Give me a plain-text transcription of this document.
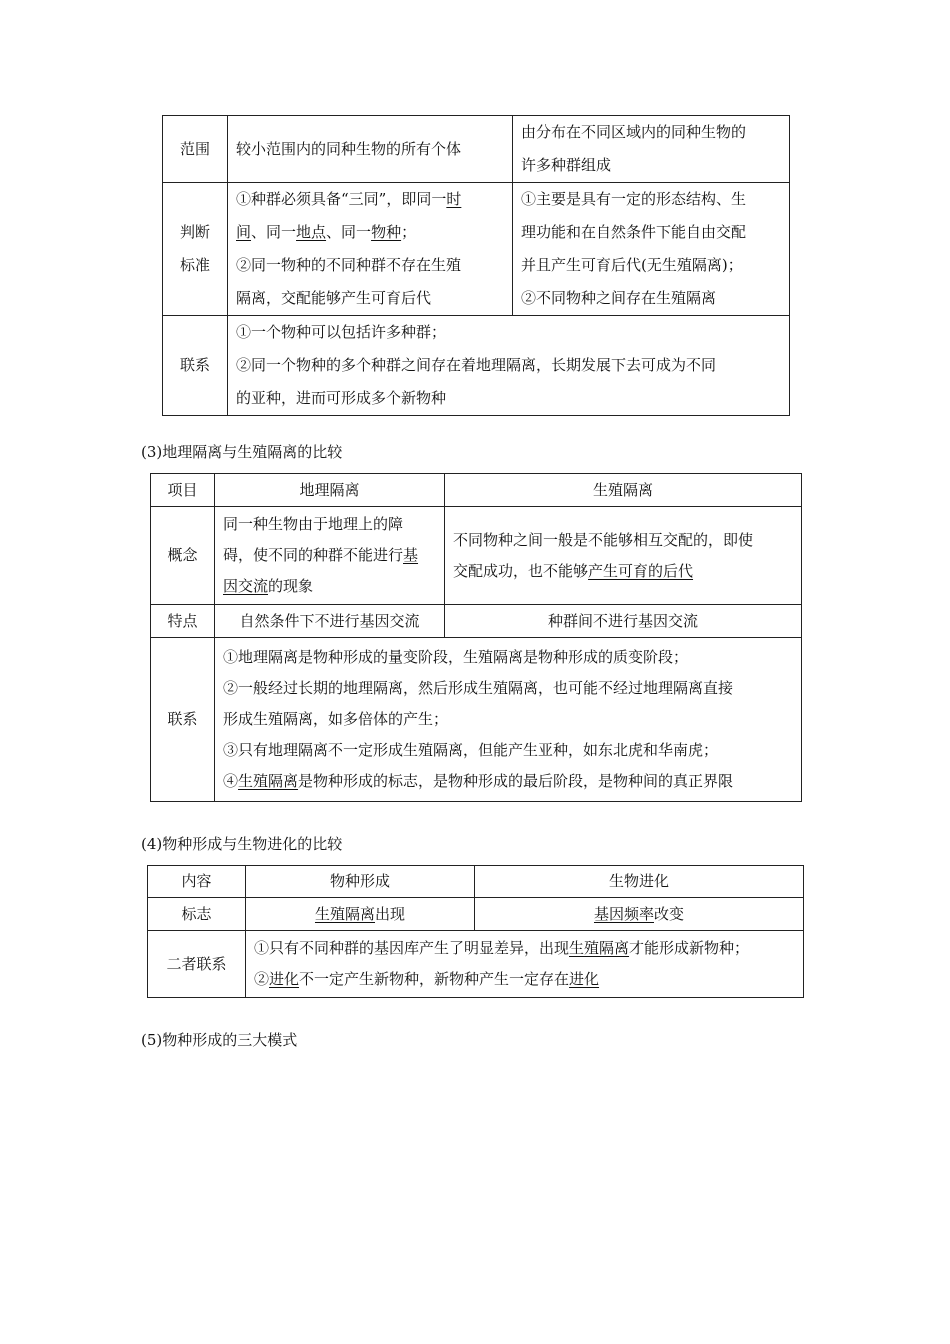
范围	较小范围内的同种生物的所有个体	由分布在不同区域内的同种生物的
许多种群组成

判断
标准	①种群必须具备“三同”，即同一时
间、同一地点、同一物种；
②同一物种的不同种群不存在生殖
隔离，交配能够产生可育后代	①主要是具有一定的形态结构、生
理功能和在自然条件下能自由交配
并且产生可育后代(无生殖隔离)；
②不同物种之间存在生殖隔离

联系	①一个物种可以包括许多种群；
②同一个物种的多个种群之间存在着地理隔离，长期发展下去可成为不同
的亚种，进而可形成多个新物种	
(3)地理隔离与生殖隔离的比较
项目	地理隔离	生殖隔离
概念	同一种生物由于地理上的障
碍，使不同的种群不能进行基
因交流的现象	不同物种之间一般是不能够相互交配的，即使
交配成功，也不能够产生可育的后代

特点	自然条件下不进行基因交流	种群间不进行基因交流
联系	①地理隔离是物种形成的量变阶段，生殖隔离是物种形成的质变阶段；
②一般经过长期的地理隔离，然后形成生殖隔离，也可能不经过地理隔离直接
形成生殖隔离，如多倍体的产生；
③只有地理隔离不一定形成生殖隔离，但能产生亚种，如东北虎和华南虎；
④生殖隔离是物种形成的标志，是物种形成的最后阶段，是物种间的真正界限	
(4)物种形成与生物进化的比较
内容	物种形成	生物进化
标志	生殖隔离出现	基因频率改变
二者联系	①只有不同种群的基因库产生了明显差异，出现生殖隔离才能形成新物种；
②进化不一定产生新物种，新物种产生一定存在进化	
(5)物种形成的三大模式
